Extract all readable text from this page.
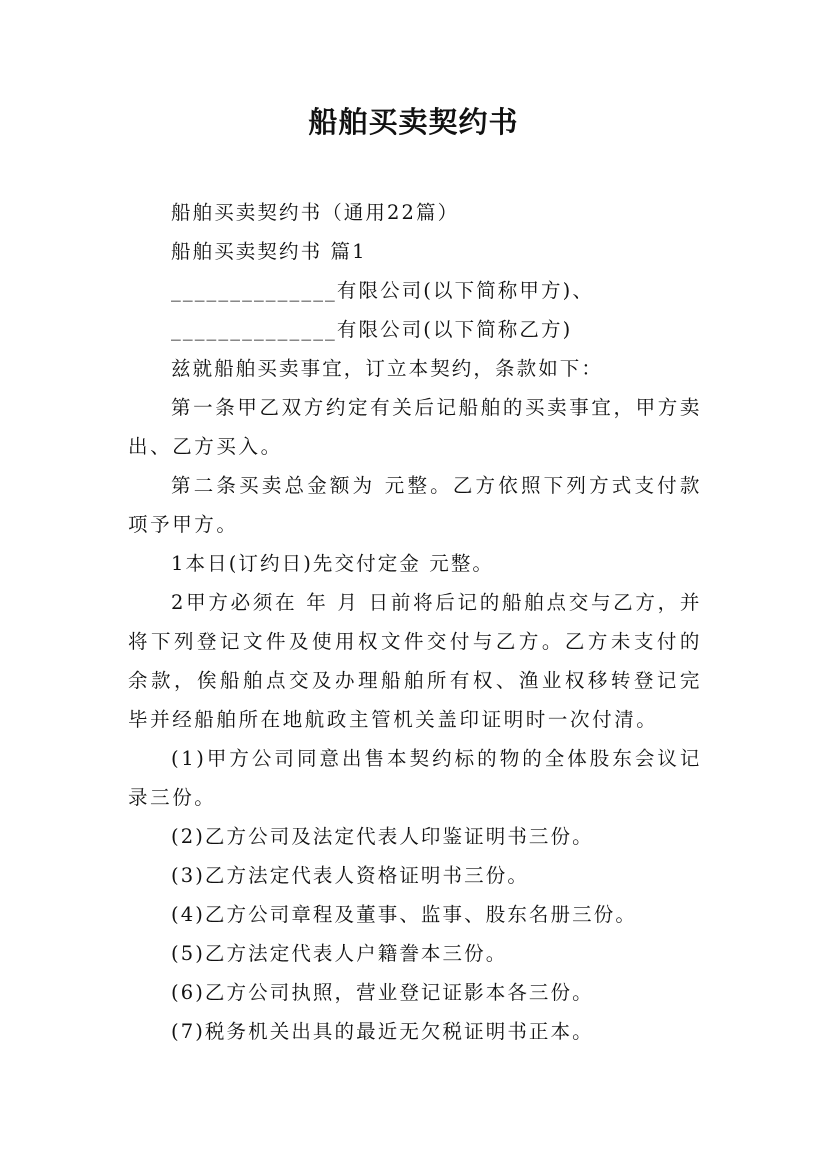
船舶买卖契约书

船舶买卖契约书（通用22篇）

船舶买卖契约书 篇1

______________有限公司(以下简称甲方)、

______________有限公司(以下简称乙方)

兹就船舶买卖事宜，订立本契约，条款如下：

第一条甲乙双方约定有关后记船舶的买卖事宜，甲方卖出、乙方买入。

第二条买卖总金额为 元整。乙方依照下列方式支付款项予甲方。

1本日(订约日)先交付定金 元整。

2甲方必须在 年 月 日前将后记的船舶点交与乙方，并将下列登记文件及使用权文件交付与乙方。乙方未支付的余款，俟船舶点交及办理船舶所有权、渔业权移转登记完毕并经船舶所在地航政主管机关盖印证明时一次付清。

(1)甲方公司同意出售本契约标的物的全体股东会议记录三份。

(2)乙方公司及法定代表人印鉴证明书三份。

(3)乙方法定代表人资格证明书三份。

(4)乙方公司章程及董事、监事、股东名册三份。

(5)乙方法定代表人户籍誊本三份。

(6)乙方公司执照，营业登记证影本各三份。

(7)税务机关出具的最近无欠税证明书正本。
